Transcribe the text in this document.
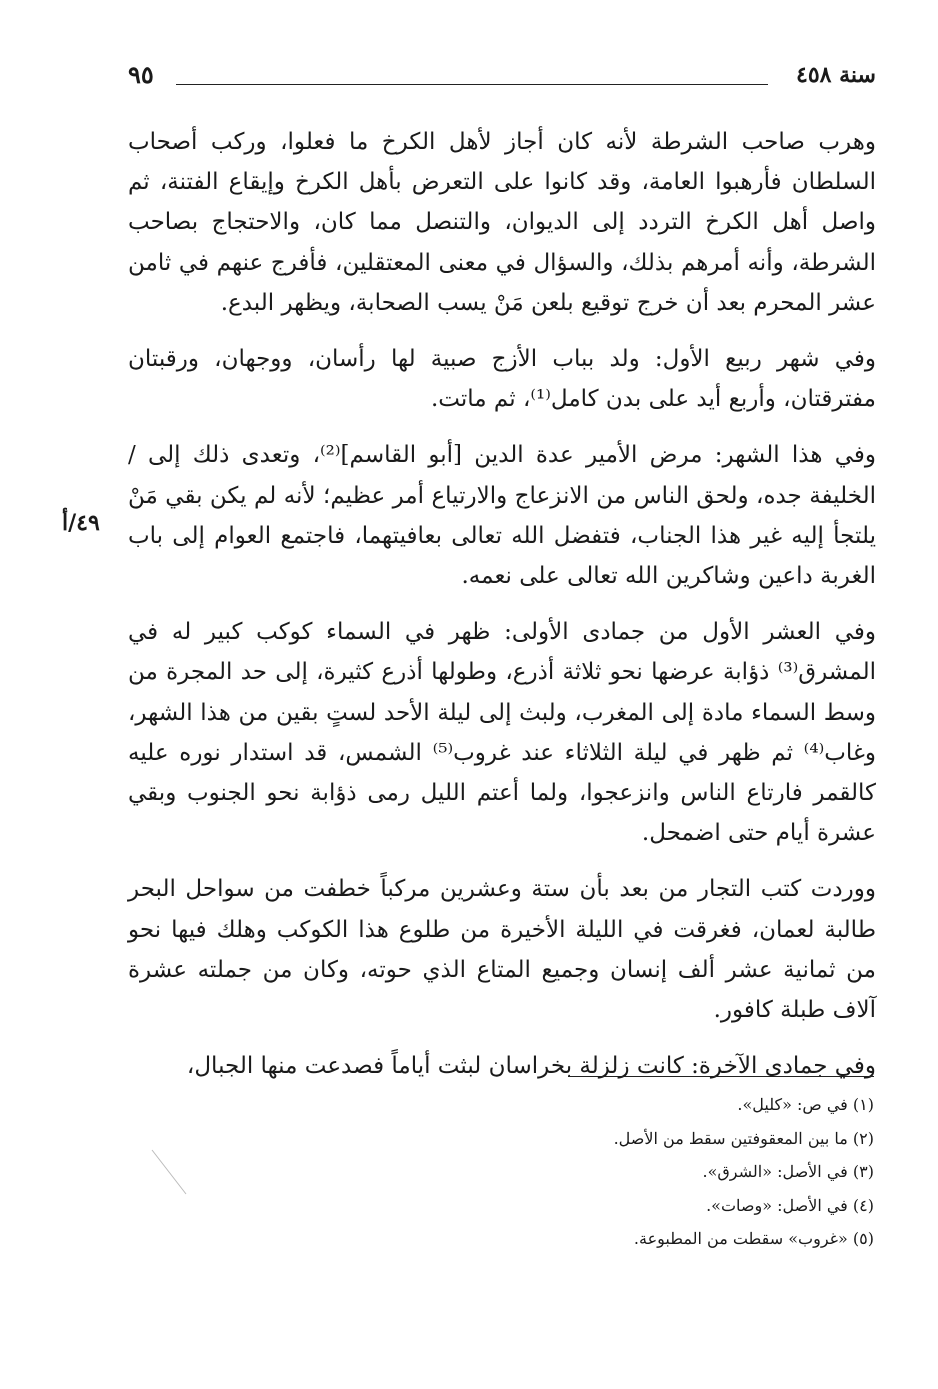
سنة ٤٥٨
٩٥
٤٩/أ

وهرب صاحب الشرطة لأنه كان أجاز لأهل الكرخ ما فعلوا، وركب أصحاب السلطان فأرهبوا العامة، وقد كانوا على التعرض بأهل الكرخ وإيقاع الفتنة، ثم واصل أهل الكرخ التردد إلى الديوان، والتنصل مما كان، والاحتجاج بصاحب الشرطة، وأنه أمرهم بذلك، والسؤال في معنى المعتقلين، فأفرج عنهم في ثامن عشر المحرم بعد أن خرج توقيع بلعن مَنْ يسب الصحابة، ويظهر البدع.

وفي شهر ربيع الأول: ولد بباب الأزج صبية لها رأسان، ووجهان، ورقبتان مفترقتان، وأربع أيد على بدن كامل⁽¹⁾، ثم ماتت.

وفي هذا الشهر: مرض الأمير عدة الدين [أبو القاسم]⁽²⁾، وتعدى ذلك إلى / الخليفة جده، ولحق الناس من الانزعاج والارتياع أمر عظيم؛ لأنه لم يكن بقي مَنْ يلتجأ إليه غير هذا الجناب، فتفضل الله تعالى بعافيتهما، فاجتمع العوام إلى باب الغربة داعين وشاكرين الله تعالى على نعمه.

وفي العشر الأول من جمادى الأولى: ظهر في السماء كوكب كبير له في المشرق⁽³⁾ ذؤابة عرضها نحو ثلاثة أذرع، وطولها أذرع كثيرة، إلى حد المجرة من وسط السماء مادة إلى المغرب، ولبث إلى ليلة الأحد لستٍ بقين من هذا الشهر، وغاب⁽⁴⁾ ثم ظهر في ليلة الثلاثاء عند غروب⁽⁵⁾ الشمس، قد استدار نوره عليه كالقمر فارتاع الناس وانزعجوا، ولما أعتم الليل رمى ذؤابة نحو الجنوب وبقي عشرة أيام حتى اضمحل.

ووردت كتب التجار من بعد بأن ستة وعشرين مركباً خطفت من سواحل البحر طالبة لعمان، فغرقت في الليلة الأخيرة من طلوع هذا الكوكب وهلك فيها نحو من ثمانية عشر ألف إنسان وجميع المتاع الذي حوته، وكان من جملته عشرة آلاف طبلة كافور.

وفي جمادى الآخرة: كانت زلزلة بخراسان لبثت أياماً فصدعت منها الجبال،

(١) في ص: «كليل».
(٢) ما بين المعقوفتين سقط من الأصل.
(٣) في الأصل: «الشرق».
(٤) في الأصل: «وصات».
(٥) «غروب» سقطت من المطبوعة.
